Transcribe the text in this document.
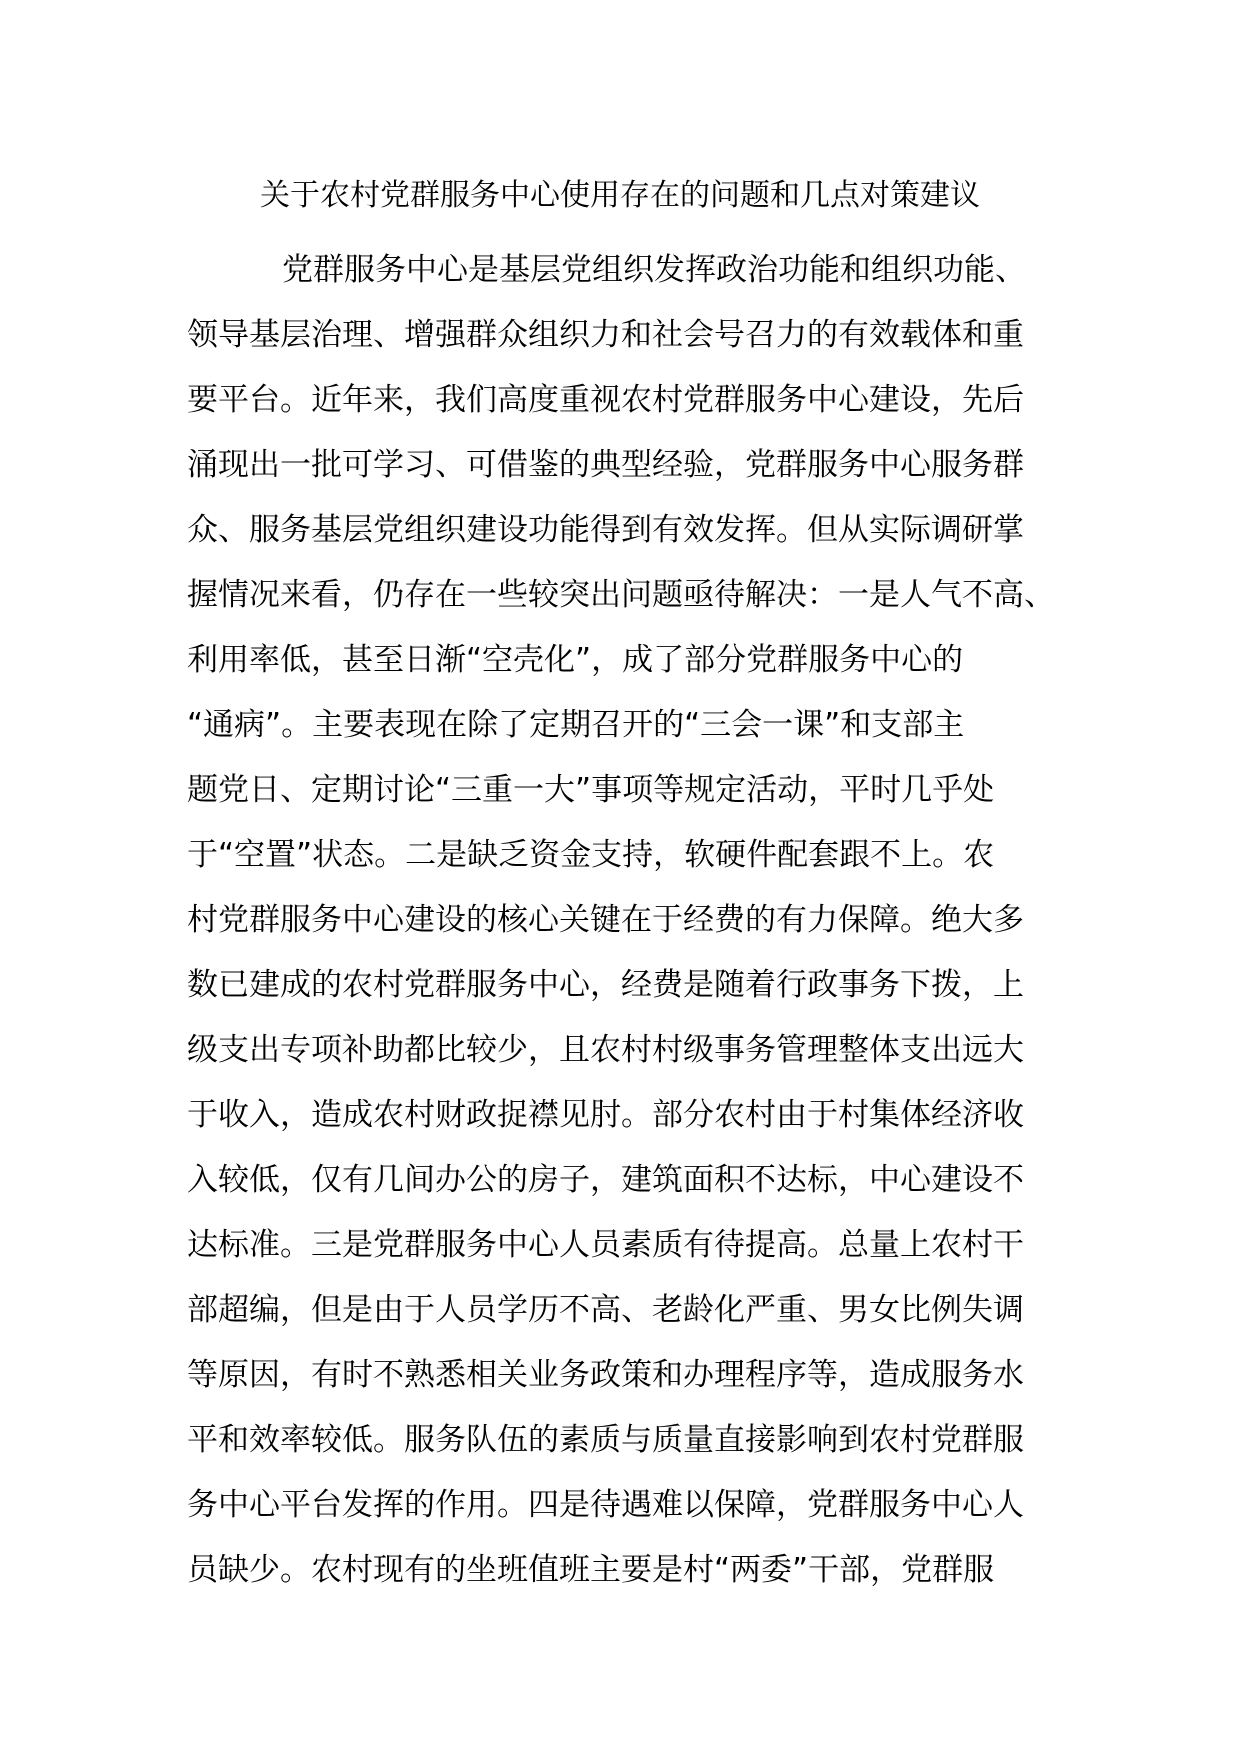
关于农村党群服务中心使用存在的问题和几点对策建议
党群服务中心是基层党组织发挥政治功能和组织功能、
领导基层治理、增强群众组织力和社会号召力的有效载体和重
要平台。近年来，我们高度重视农村党群服务中心建设，先后
涌现出一批可学习、可借鉴的典型经验，党群服务中心服务群
众、服务基层党组织建设功能得到有效发挥。但从实际调研掌
握情况来看，仍存在一些较突出问题亟待解决：一是人气不高、
利用率低，甚至日渐“空壳化”，成了部分党群服务中心的
“通病”。主要表现在除了定期召开的“三会一课”和支部主
题党日、定期讨论“三重一大”事项等规定活动，平时几乎处
于“空置”状态。二是缺乏资金支持，软硬件配套跟不上。农
村党群服务中心建设的核心关键在于经费的有力保障。绝大多
数已建成的农村党群服务中心，经费是随着行政事务下拨，上
级支出专项补助都比较少，且农村村级事务管理整体支出远大
于收入，造成农村财政捉襟见肘。部分农村由于村集体经济收
入较低，仅有几间办公的房子，建筑面积不达标，中心建设不
达标准。三是党群服务中心人员素质有待提高。总量上农村干
部超编，但是由于人员学历不高、老龄化严重、男女比例失调
等原因，有时不熟悉相关业务政策和办理程序等，造成服务水
平和效率较低。服务队伍的素质与质量直接影响到农村党群服
务中心平台发挥的作用。四是待遇难以保障，党群服务中心人
员缺少。农村现有的坐班值班主要是村“两委”干部，党群服
